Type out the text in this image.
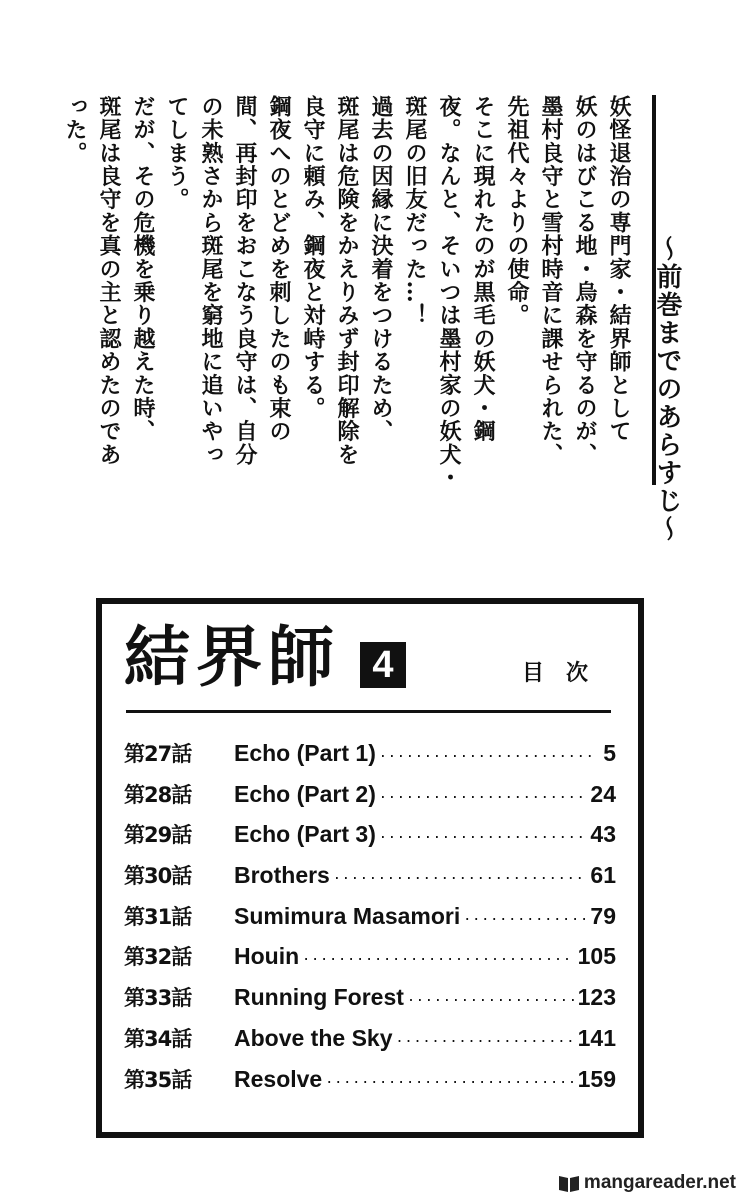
〜前巻までのあらすじ〜
妖怪退治の専門家・結界師として
妖のはびこる地・烏森を守るのが、
墨村良守と雪村時音に課せられた、
先祖代々よりの使命。
そこに現れたのが黒毛の妖犬・鋼
夜。なんと、そいつは墨村家の妖犬・
斑尾の旧友だった…！
過去の因縁に決着をつけるため、
斑尾は危険をかえりみず封印解除を
良守に頼み、鋼夜と対峙する。
鋼夜へのとどめを刺したのも束の
間、再封印をおこなう良守は、自分
の未熟さから斑尾を窮地に追いやっ
てしまう。
だが、その危機を乗り越えた時、
斑尾は良守を真の主と認めたのであ
った。
結界師 4	目次
第27話	Echo (Part 1) ·····	5
第28話	Echo (Part 2) ·····	24
第29話	Echo (Part 3) ·····	43
第30話	Brothers ·····	61
第31話	Sumimura Masamori ·····	79
第32話	Houin ·····	105
第33話	Running Forest ·····	123
第34話	Above the Sky ·····	141
第35話	Resolve ·····	159
mangareader.net
